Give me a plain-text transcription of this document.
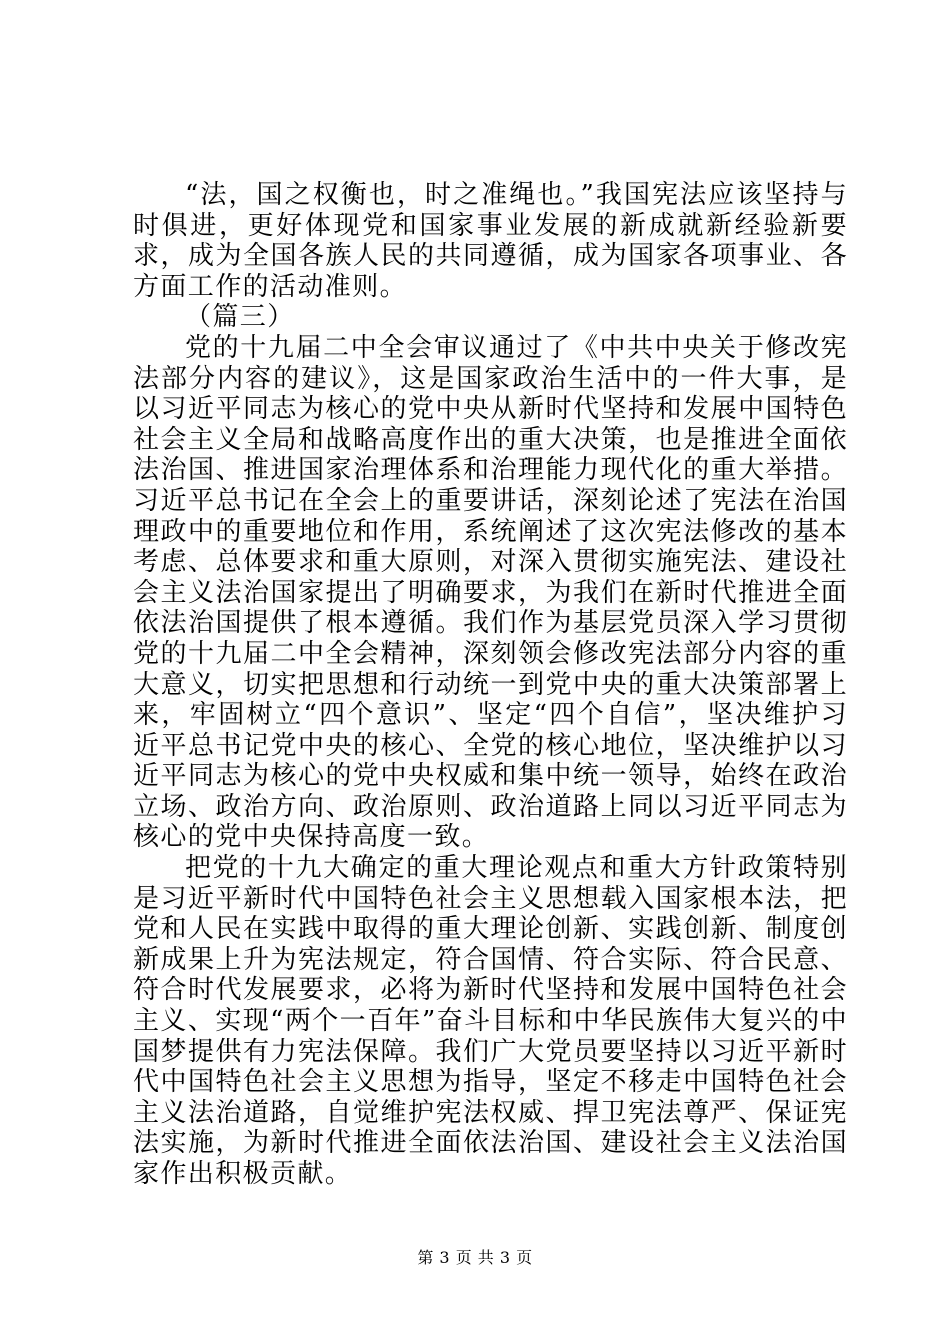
“法，国之权衡也，时之准绳也。”我国宪法应该坚持与时俱进，更好体现党和国家事业发展的新成就新经验新要求，成为全国各族人民的共同遵循，成为国家各项事业、各方面工作的活动准则。

（篇三）

党的十九届二中全会审议通过了《中共中央关于修改宪法部分内容的建议》，这是国家政治生活中的一件大事，是以习近平同志为核心的党中央从新时代坚持和发展中国特色社会主义全局和战略高度作出的重大决策，也是推进全面依法治国、推进国家治理体系和治理能力现代化的重大举措。习近平总书记在全会上的重要讲话，深刻论述了宪法在治国理政中的重要地位和作用，系统阐述了这次宪法修改的基本考虑、总体要求和重大原则，对深入贯彻实施宪法、建设社会主义法治国家提出了明确要求，为我们在新时代推进全面依法治国提供了根本遵循。我们作为基层党员深入学习贯彻党的十九届二中全会精神，深刻领会修改宪法部分内容的重大意义，切实把思想和行动统一到党中央的重大决策部署上来，牢固树立“四个意识”、坚定“四个自信”，坚决维护习近平总书记党中央的核心、全党的核心地位，坚决维护以习近平同志为核心的党中央权威和集中统一领导，始终在政治立场、政治方向、政治原则、政治道路上同以习近平同志为核心的党中央保持高度一致。

把党的十九大确定的重大理论观点和重大方针政策特别是习近平新时代中国特色社会主义思想载入国家根本法，把党和人民在实践中取得的重大理论创新、实践创新、制度创新成果上升为宪法规定，符合国情、符合实际、符合民意、符合时代发展要求，必将为新时代坚持和发展中国特色社会主义、实现“两个一百年”奋斗目标和中华民族伟大复兴的中国梦提供有力宪法保障。我们广大党员要坚持以习近平新时代中国特色社会主义思想为指导，坚定不移走中国特色社会主义法治道路，自觉维护宪法权威、捍卫宪法尊严、保证宪法实施，为新时代推进全面依法治国、建设社会主义法治国家作出积极贡献。

第 3 页 共 3 页
